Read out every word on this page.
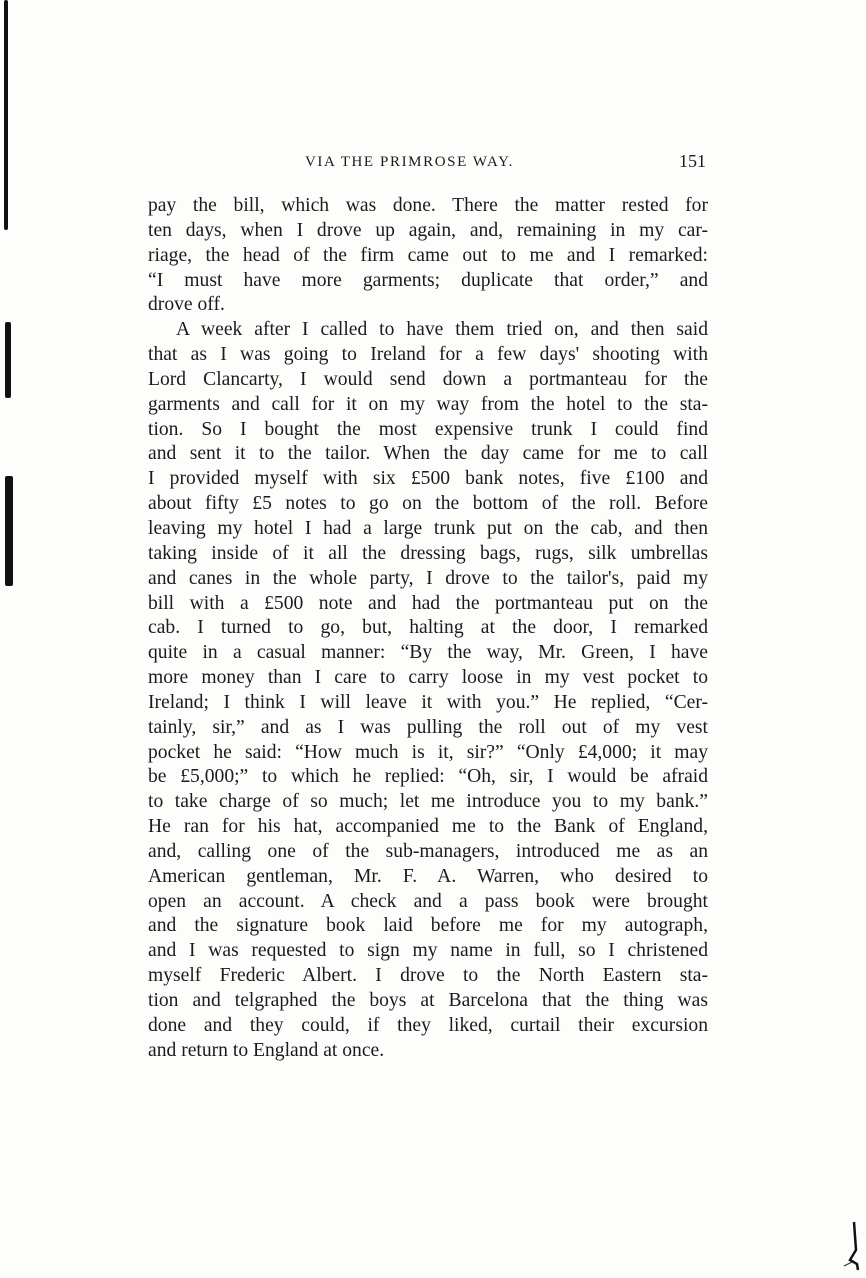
VIA THE PRIMROSE WAY.	151
pay the bill, which was done. There the matter rested for
ten days, when I drove up again, and, remaining in my car-
riage, the head of the firm came out to me and I remarked:
“I must have more garments; duplicate that order,” and
drove off.
A week after I called to have them tried on, and then said
that as I was going to Ireland for a few days' shooting with
Lord Clancarty, I would send down a portmanteau for the
garments and call for it on my way from the hotel to the sta-
tion. So I bought the most expensive trunk I could find
and sent it to the tailor. When the day came for me to call
I provided myself with six £500 bank notes, five £100 and
about fifty £5 notes to go on the bottom of the roll. Before
leaving my hotel I had a large trunk put on the cab, and then
taking inside of it all the dressing bags, rugs, silk umbrellas
and canes in the whole party, I drove to the tailor's, paid my
bill with a £500 note and had the portmanteau put on the
cab. I turned to go, but, halting at the door, I remarked
quite in a casual manner: “By the way, Mr. Green, I have
more money than I care to carry loose in my vest pocket to
Ireland; I think I will leave it with you.” He replied, “Cer-
tainly, sir,” and as I was pulling the roll out of my vest
pocket he said: “How much is it, sir?” “Only £4,000; it may
be £5,000;” to which he replied: “Oh, sir, I would be afraid
to take charge of so much; let me introduce you to my bank.”
He ran for his hat, accompanied me to the Bank of England,
and, calling one of the sub-managers, introduced me as an
American gentleman, Mr. F. A. Warren, who desired to
open an account. A check and a pass book were brought
and the signature book laid before me for my autograph,
and I was requested to sign my name in full, so I christened
myself Frederic Albert. I drove to the North Eastern sta-
tion and telgraphed the boys at Barcelona that the thing was
done and they could, if they liked, curtail their excursion
and return to England at once.
